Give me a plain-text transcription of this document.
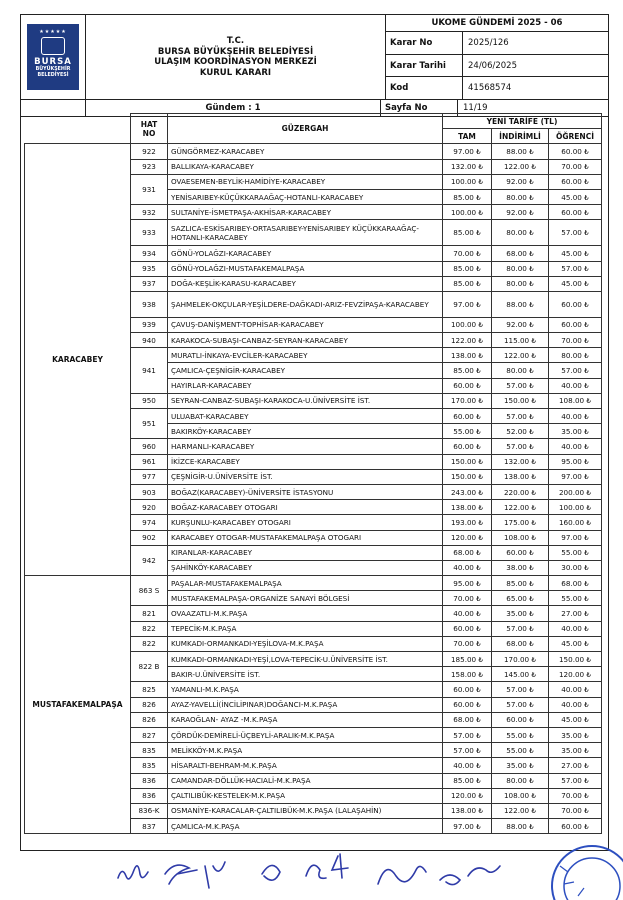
★★★★★
BURSA
BÜYÜKŞEHİR
BELEDİYESİ
T.C.
BURSA BÜYÜKŞEHİR BELEDİYESİ
ULAŞIM KOORDİNASYON MERKEZİ
KURUL KARARI
UKOME GÜNDEMİ 2025 - 06
Karar No	2025/126
Karar Tarihi	24/06/2025
Kod	41568574
Gündem : 1	Sayfa No	11/19
	HAT NO	GÜZERGAH	YENİ TARİFE (TL)		
			TAM	İNDİRİMLİ	ÖĞRENCİ
KARACABEY	922	GÜNGÖRMEZ-KARACABEY	97.00 ₺	88.00 ₺	60.00 ₺
	923	BALLIKAYA-KARACABEY	132.00 ₺	122.00 ₺	70.00 ₺
	931	OVAESEMEN-BEYLİK-HAMİDİYE-KARACABEY	100.00 ₺	92.00 ₺	60.00 ₺
		YENİSARIBEY-KÜÇÜKKARAAĞAÇ-HOTANLI-KARACABEY	85.00 ₺	80.00 ₺	45.00 ₺
	932	SULTANİYE-İSMETPAŞA-AKHİSAR-KARACABEY	100.00 ₺	92.00 ₺	60.00 ₺
	933	SAZLICA-ESKİSARIBEY-ORTASARIBEY-YENİSARIBEY KÜÇÜKKARAAĞAÇ-HOTANLI-KARACABEY	85.00 ₺	80.00 ₺	57.00 ₺
	934	GÖNÜ-YOLAĞZI-KARACABEY	70.00 ₺	68.00 ₺	45.00 ₺
	935	GÖNÜ-YOLAĞZI-MUSTAFAKEMALPAŞA	85.00 ₺	80.00 ₺	57.00 ₺
	937	DOĞA-KEŞLİK-KARASU-KARACABEY	85.00 ₺	80.00 ₺	45.00 ₺
	938	ŞAHMELEK-OKÇULAR-YEŞİLDERE-DAĞKADI-ARIZ-FEVZİPAŞA-KARACABEY	97.00 ₺	88.00 ₺	60.00 ₺
	939	ÇAVUŞ-DANİŞMENT-TOPHİSAR-KARACABEY	100.00 ₺	92.00 ₺	60.00 ₺
	940	KARAKOCA-SUBAŞI-CANBAZ-SEYRAN-KARACABEY	122.00 ₺	115.00 ₺	70.00 ₺
	941	MURATLI-İNKAYA-EVCİLER-KARACABEY	138.00 ₺	122.00 ₺	80.00 ₺
		ÇAMLICA-ÇEŞNİGİR-KARACABEY	85.00 ₺	80.00 ₺	57.00 ₺
		HAYIRLAR-KARACABEY	60.00 ₺	57.00 ₺	40.00 ₺
	950	SEYRAN-CANBAZ-SUBAŞI-KARAKOCA-U.ÜNİVERSİTE İST.	170.00 ₺	150.00 ₺	108.00 ₺
	951	ULUABAT-KARACABEY	60.00 ₺	57.00 ₺	40.00 ₺
		BAKIRKÖY-KARACABEY	55.00 ₺	52.00 ₺	35.00 ₺
	960	HARMANLI-KARACABEY	60.00 ₺	57.00 ₺	40.00 ₺
	961	İKİZCE-KARACABEY	150.00 ₺	132.00 ₺	95.00 ₺
	977	ÇEŞNİGİR-U.ÜNİVERSİTE İST.	150.00 ₺	138.00 ₺	97.00 ₺
	903	BOĞAZ(KARACABEY)-ÜNİVERSİTE İSTASYONU	243.00 ₺	220.00 ₺	200.00 ₺
	920	BOĞAZ-KARACABEY OTOGARI	138.00 ₺	122.00 ₺	100.00 ₺
	974	KURŞUNLU-KARACABEY OTOGARI	193.00 ₺	175.00 ₺	160.00 ₺
	902	KARACABEY OTOGAR-MUSTAFAKEMALPAŞA OTOGARI	120.00 ₺	108.00 ₺	97.00 ₺
	942	KIRANLAR-KARACABEY	68.00 ₺	60.00 ₺	55.00 ₺
		ŞAHİNKÖY-KARACABEY	40.00 ₺	38.00 ₺	30.00 ₺
MUSTAFAKEMALPAŞA	863 S	PAŞALAR-MUSTAFAKEMALPAŞA	95.00 ₺	85.00 ₺	68.00 ₺
		MUSTAFAKEMALPAŞA-ORGANİZE SANAYİ BÖLGESİ	70.00 ₺	65.00 ₺	55.00 ₺
	821	OVAAZATLI-M.K.PAŞA	40.00 ₺	35.00 ₺	27.00 ₺
	822	TEPECİK-M.K.PAŞA	60.00 ₺	57.00 ₺	40.00 ₺
	822	KUMKADI-ORMANKADI-YEŞİLOVA-M.K.PAŞA	70.00 ₺	68.00 ₺	45.00 ₺
	822 B	KUMKADI-ORMANKADI-YEŞİ,LOVA-TEPECİK-U.ÜNİVERSİTE İST.	185.00 ₺	170.00 ₺	150.00 ₺
		BAKIR-U.ÜNİVERSİTE İST.	158.00 ₺	145.00 ₺	120.00 ₺
	825	YAMANLI-M.K.PAŞA	60.00 ₺	57.00 ₺	40.00 ₺
	826	AYAZ-YAVELLİ(İNCİLİPINAR)DOĞANCI-M.K.PAŞA	60.00 ₺	57.00 ₺	40.00 ₺
	826	KARAOĞLAN- AYAZ -M.K.PAŞA	68.00 ₺	60.00 ₺	45.00 ₺
	827	ÇÖRDÜK-DEMİRELİ-ÜÇBEYLİ-ARALIK-M.K.PAŞA	57.00 ₺	55.00 ₺	35.00 ₺
	835	MELİKKÖY-M.K.PAŞA	57.00 ₺	55.00 ₺	35.00 ₺
	835	HİSARALTI-BEHRAM-M.K.PAŞA	40.00 ₺	35.00 ₺	27.00 ₺
	836	CAMANDAR-DÖLLÜK-HACIALİ-M.K.PAŞA	85.00 ₺	80.00 ₺	57.00 ₺
	836	ÇALTILIBÜK-KESTELEK-M.K.PAŞA	120.00 ₺	108.00 ₺	70.00 ₺
	836-K	OSMANİYE-KARACALAR-ÇALTILIBÜK-M.K.PAŞA (LALAŞAHİN)	138.00 ₺	122.00 ₺	70.00 ₺
	837	ÇAMLICA-M.K.PAŞA	97.00 ₺	88.00 ₺	60.00 ₺
